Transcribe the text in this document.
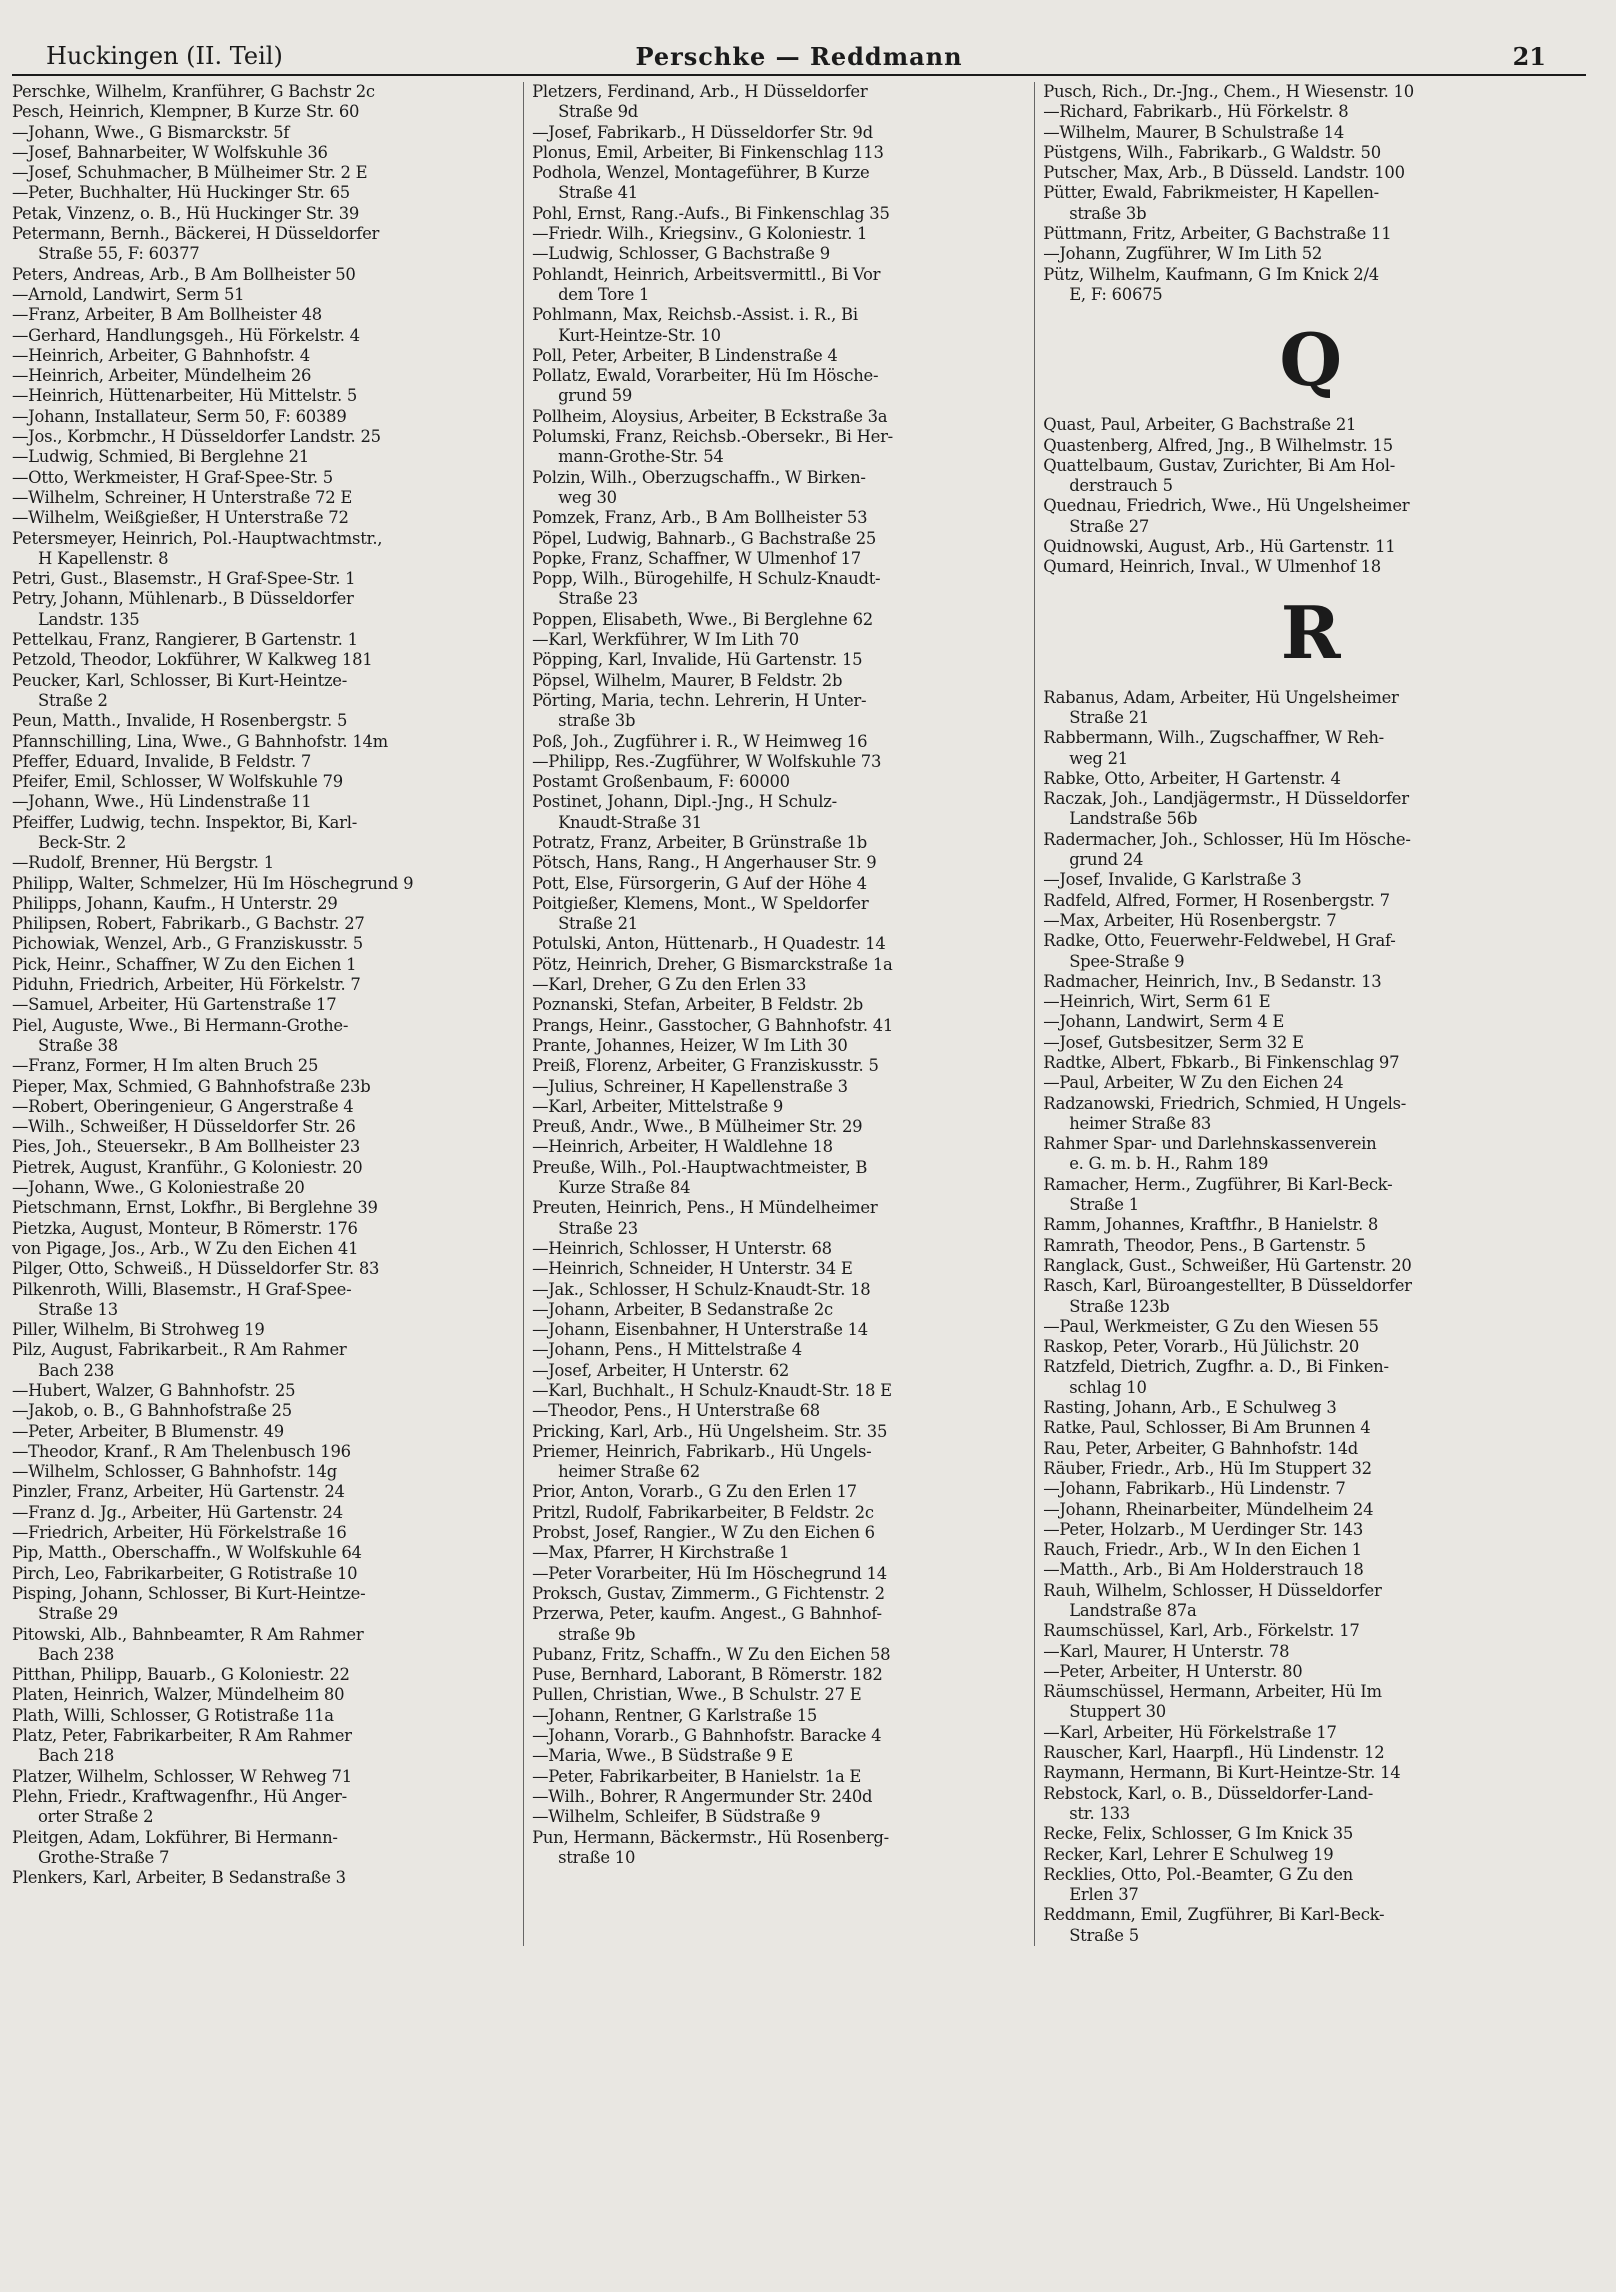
Huckingen (II. Teil)	Perschke — Reddmann	21
Perschke, Wilhelm, Kranführer, G Bachstr 2c
Pesch, Heinrich, Klempner, B Kurze Str. 60
—Johann, Wwe., G Bismarckstr. 5f
—Josef, Bahnarbeiter, W Wolfskuhle 36
—Josef, Schuhmacher, B Mülheimer Str. 2 E
—Peter, Buchhalter, Hü Huckinger Str. 65
Petak, Vinzenz, o. B., Hü Huckinger Str. 39
Petermann, Bernh., Bäckerei, H Düsseldorfer
Straße 55, F: 60377
Peters, Andreas, Arb., B Am Bollheister 50
—Arnold, Landwirt, Serm 51
—Franz, Arbeiter, B Am Bollheister 48
—Gerhard, Handlungsgeh., Hü Förkelstr. 4
—Heinrich, Arbeiter, G Bahnhofstr. 4
—Heinrich, Arbeiter, Mündelheim 26
—Heinrich, Hüttenarbeiter, Hü Mittelstr. 5
—Johann, Installateur, Serm 50, F: 60389
—Jos., Korbmchr., H Düsseldorfer Landstr. 25
—Ludwig, Schmied, Bi Berglehne 21
—Otto, Werkmeister, H Graf-Spee-Str. 5
—Wilhelm, Schreiner, H Unterstraße 72 E
—Wilhelm, Weißgießer, H Unterstraße 72
Petersmeyer, Heinrich, Pol.-Hauptwachtmstr.,
H Kapellenstr. 8
Petri, Gust., Blasemstr., H Graf-Spee-Str. 1
Petry, Johann, Mühlenarb., B Düsseldorfer
Landstr. 135
Pettelkau, Franz, Rangierer, B Gartenstr. 1
Petzold, Theodor, Lokführer, W Kalkweg 181
Peucker, Karl, Schlosser, Bi Kurt-Heintze-
Straße 2
Peun, Matth., Invalide, H Rosenbergstr. 5
Pfannschilling, Lina, Wwe., G Bahnhofstr. 14m
Pfeffer, Eduard, Invalide, B Feldstr. 7
Pfeifer, Emil, Schlosser, W Wolfskuhle 79
—Johann, Wwe., Hü Lindenstraße 11
Pfeiffer, Ludwig, techn. Inspektor, Bi, Karl-
Beck-Str. 2
—Rudolf, Brenner, Hü Bergstr. 1
Philipp, Walter, Schmelzer, Hü Im Höschegrund 9
Philipps, Johann, Kaufm., H Unterstr. 29
Philipsen, Robert, Fabrikarb., G Bachstr. 27
Pichowiak, Wenzel, Arb., G Franziskusstr. 5
Pick, Heinr., Schaffner, W Zu den Eichen 1
Piduhn, Friedrich, Arbeiter, Hü Förkelstr. 7
—Samuel, Arbeiter, Hü Gartenstraße 17
Piel, Auguste, Wwe., Bi Hermann-Grothe-
Straße 38
—Franz, Former, H Im alten Bruch 25
Pieper, Max, Schmied, G Bahnhofstraße 23b
—Robert, Oberingenieur, G Angerstraße 4
—Wilh., Schweißer, H Düsseldorfer Str. 26
Pies, Joh., Steuersekr., B Am Bollheister 23
Pietrek, August, Kranführ., G Koloniestr. 20
—Johann, Wwe., G Koloniestraße 20
Pietschmann, Ernst, Lokfhr., Bi Berglehne 39
Pietzka, August, Monteur, B Römerstr. 176
von Pigage, Jos., Arb., W Zu den Eichen 41
Pilger, Otto, Schweiß., H Düsseldorfer Str. 83
Pilkenroth, Willi, Blasemstr., H Graf-Spee-
Straße 13
Piller, Wilhelm, Bi Strohweg 19
Pilz, August, Fabrikarbeit., R Am Rahmer
Bach 238
—Hubert, Walzer, G Bahnhofstr. 25
—Jakob, o. B., G Bahnhofstraße 25
—Peter, Arbeiter, B Blumenstr. 49
—Theodor, Kranf., R Am Thelenbusch 196
—Wilhelm, Schlosser, G Bahnhofstr. 14g
Pinzler, Franz, Arbeiter, Hü Gartenstr. 24
—Franz d. Jg., Arbeiter, Hü Gartenstr. 24
—Friedrich, Arbeiter, Hü Förkelstraße 16
Pip, Matth., Oberschaffn., W Wolfskuhle 64
Pirch, Leo, Fabrikarbeiter, G Rotistraße 10
Pisping, Johann, Schlosser, Bi Kurt-Heintze-
Straße 29
Pitowski, Alb., Bahnbeamter, R Am Rahmer
Bach 238
Pitthan, Philipp, Bauarb., G Koloniestr. 22
Platen, Heinrich, Walzer, Mündelheim 80
Plath, Willi, Schlosser, G Rotistraße 11a
Platz, Peter, Fabrikarbeiter, R Am Rahmer
Bach 218
Platzer, Wilhelm, Schlosser, W Rehweg 71
Plehn, Friedr., Kraftwagenfhr., Hü Anger-
orter Straße 2
Pleitgen, Adam, Lokführer, Bi Hermann-
Grothe-Straße 7
Plenkers, Karl, Arbeiter, B Sedanstraße 3
Pletzers, Ferdinand, Arb., H Düsseldorfer
Straße 9d
—Josef, Fabrikarb., H Düsseldorfer Str. 9d
Plonus, Emil, Arbeiter, Bi Finkenschlag 113
Podhola, Wenzel, Montageführer, B Kurze
Straße 41
Pohl, Ernst, Rang.-Aufs., Bi Finkenschlag 35
—Friedr. Wilh., Kriegsinv., G Koloniestr. 1
—Ludwig, Schlosser, G Bachstraße 9
Pohlandt, Heinrich, Arbeitsvermittl., Bi Vor
dem Tore 1
Pohlmann, Max, Reichsb.-Assist. i. R., Bi
Kurt-Heintze-Str. 10
Poll, Peter, Arbeiter, B Lindenstraße 4
Pollatz, Ewald, Vorarbeiter, Hü Im Hösche-
grund 59
Pollheim, Aloysius, Arbeiter, B Eckstraße 3a
Polumski, Franz, Reichsb.-Obersekr., Bi Her-
mann-Grothe-Str. 54
Polzin, Wilh., Oberzugschaffn., W Birken-
weg 30
Pomzek, Franz, Arb., B Am Bollheister 53
Pöpel, Ludwig, Bahnarb., G Bachstraße 25
Popke, Franz, Schaffner, W Ulmenhof 17
Popp, Wilh., Bürogehilfe, H Schulz-Knaudt-
Straße 23
Poppen, Elisabeth, Wwe., Bi Berglehne 62
—Karl, Werkführer, W Im Lith 70
Pöpping, Karl, Invalide, Hü Gartenstr. 15
Pöpsel, Wilhelm, Maurer, B Feldstr. 2b
Pörting, Maria, techn. Lehrerin, H Unter-
straße 3b
Poß, Joh., Zugführer i. R., W Heimweg 16
—Philipp, Res.-Zugführer, W Wolfskuhle 73
Postamt Großenbaum, F: 60000
Postinet, Johann, Dipl.-Jng., H Schulz-
Knaudt-Straße 31
Potratz, Franz, Arbeiter, B Grünstraße 1b
Pötsch, Hans, Rang., H Angerhauser Str. 9
Pott, Else, Fürsorgerin, G Auf der Höhe 4
Poitgießer, Klemens, Mont., W Speldorfer
Straße 21
Potulski, Anton, Hüttenarb., H Quadestr. 14
Pötz, Heinrich, Dreher, G Bismarckstraße 1a
—Karl, Dreher, G Zu den Erlen 33
Poznanski, Stefan, Arbeiter, B Feldstr. 2b
Prangs, Heinr., Gasstocher, G Bahnhofstr. 41
Prante, Johannes, Heizer, W Im Lith 30
Preiß, Florenz, Arbeiter, G Franziskusstr. 5
—Julius, Schreiner, H Kapellenstraße 3
—Karl, Arbeiter, Mittelstraße 9
Preuß, Andr., Wwe., B Mülheimer Str. 29
—Heinrich, Arbeiter, H Waldlehne 18
Preuße, Wilh., Pol.-Hauptwachtmeister, B
Kurze Straße 84
Preuten, Heinrich, Pens., H Mündelheimer
Straße 23
—Heinrich, Schlosser, H Unterstr. 68
—Heinrich, Schneider, H Unterstr. 34 E
—Jak., Schlosser, H Schulz-Knaudt-Str. 18
—Johann, Arbeiter, B Sedanstraße 2c
—Johann, Eisenbahner, H Unterstraße 14
—Johann, Pens., H Mittelstraße 4
—Josef, Arbeiter, H Unterstr. 62
—Karl, Buchhalt., H Schulz-Knaudt-Str. 18 E
—Theodor, Pens., H Unterstraße 68
Pricking, Karl, Arb., Hü Ungelsheim. Str. 35
Priemer, Heinrich, Fabrikarb., Hü Ungels-
heimer Straße 62
Prior, Anton, Vorarb., G Zu den Erlen 17
Pritzl, Rudolf, Fabrikarbeiter, B Feldstr. 2c
Probst, Josef, Rangier., W Zu den Eichen 6
—Max, Pfarrer, H Kirchstraße 1
—Peter Vorarbeiter, Hü Im Höschegrund 14
Proksch, Gustav, Zimmerm., G Fichtenstr. 2
Przerwa, Peter, kaufm. Angest., G Bahnhof-
straße 9b
Pubanz, Fritz, Schaffn., W Zu den Eichen 58
Puse, Bernhard, Laborant, B Römerstr. 182
Pullen, Christian, Wwe., B Schulstr. 27 E
—Johann, Rentner, G Karlstraße 15
—Johann, Vorarb., G Bahnhofstr. Baracke 4
—Maria, Wwe., B Südstraße 9 E
—Peter, Fabrikarbeiter, B Hanielstr. 1a E
—Wilh., Bohrer, R Angermunder Str. 240d
—Wilhelm, Schleifer, B Südstraße 9
Pun, Hermann, Bäckermstr., Hü Rosenberg-
straße 10
Pusch, Rich., Dr.-Jng., Chem., H Wiesenstr. 10
—Richard, Fabrikarb., Hü Förkelstr. 8
—Wilhelm, Maurer, B Schulstraße 14
Püstgens, Wilh., Fabrikarb., G Waldstr. 50
Putscher, Max, Arb., B Düsseld. Landstr. 100
Pütter, Ewald, Fabrikmeister, H Kapellen-
straße 3b
Püttmann, Fritz, Arbeiter, G Bachstraße 11
—Johann, Zugführer, W Im Lith 52
Pütz, Wilhelm, Kaufmann, G Im Knick 2/4
E, F: 60675
Q
Quast, Paul, Arbeiter, G Bachstraße 21
Quastenberg, Alfred, Jng., B Wilhelmstr. 15
Quattelbaum, Gustav, Zurichter, Bi Am Hol-
derstrauch 5
Quednau, Friedrich, Wwe., Hü Ungelsheimer
Straße 27
Quidnowski, August, Arb., Hü Gartenstr. 11
Qumard, Heinrich, Inval., W Ulmenhof 18
R
Rabanus, Adam, Arbeiter, Hü Ungelsheimer
Straße 21
Rabbermann, Wilh., Zugschaffner, W Reh-
weg 21
Rabke, Otto, Arbeiter, H Gartenstr. 4
Raczak, Joh., Landjägermstr., H Düsseldorfer
Landstraße 56b
Radermacher, Joh., Schlosser, Hü Im Hösche-
grund 24
—Josef, Invalide, G Karlstraße 3
Radfeld, Alfred, Former, H Rosenbergstr. 7
—Max, Arbeiter, Hü Rosenbergstr. 7
Radke, Otto, Feuerwehr-Feldwebel, H Graf-
Spee-Straße 9
Radmacher, Heinrich, Inv., B Sedanstr. 13
—Heinrich, Wirt, Serm 61 E
—Johann, Landwirt, Serm 4 E
—Josef, Gutsbesitzer, Serm 32 E
Radtke, Albert, Fbkarb., Bi Finkenschlag 97
—Paul, Arbeiter, W Zu den Eichen 24
Radzanowski, Friedrich, Schmied, H Ungels-
heimer Straße 83
Rahmer Spar- und Darlehnskassenverein
e. G. m. b. H., Rahm 189
Ramacher, Herm., Zugführer, Bi Karl-Beck-
Straße 1
Ramm, Johannes, Kraftfhr., B Hanielstr. 8
Ramrath, Theodor, Pens., B Gartenstr. 5
Ranglack, Gust., Schweißer, Hü Gartenstr. 20
Rasch, Karl, Büroangestellter, B Düsseldorfer
Straße 123b
—Paul, Werkmeister, G Zu den Wiesen 55
Raskop, Peter, Vorarb., Hü Jülichstr. 20
Ratzfeld, Dietrich, Zugfhr. a. D., Bi Finken-
schlag 10
Rasting, Johann, Arb., E Schulweg 3
Ratke, Paul, Schlosser, Bi Am Brunnen 4
Rau, Peter, Arbeiter, G Bahnhofstr. 14d
Räuber, Friedr., Arb., Hü Im Stuppert 32
—Johann, Fabrikarb., Hü Lindenstr. 7
—Johann, Rheinarbeiter, Mündelheim 24
—Peter, Holzarb., M Uerdinger Str. 143
Rauch, Friedr., Arb., W In den Eichen 1
—Matth., Arb., Bi Am Holderstrauch 18
Rauh, Wilhelm, Schlosser, H Düsseldorfer
Landstraße 87a
Raumschüssel, Karl, Arb., Förkelstr. 17
—Karl, Maurer, H Unterstr. 78
—Peter, Arbeiter, H Unterstr. 80
Räumschüssel, Hermann, Arbeiter, Hü Im
Stuppert 30
—Karl, Arbeiter, Hü Förkelstraße 17
Rauscher, Karl, Haarpfl., Hü Lindenstr. 12
Raymann, Hermann, Bi Kurt-Heintze-Str. 14
Rebstock, Karl, o. B., Düsseldorfer-Land-
str. 133
Recke, Felix, Schlosser, G Im Knick 35
Recker, Karl, Lehrer E Schulweg 19
Recklies, Otto, Pol.-Beamter, G Zu den
Erlen 37
Reddmann, Emil, Zugführer, Bi Karl-Beck-
Straße 5
